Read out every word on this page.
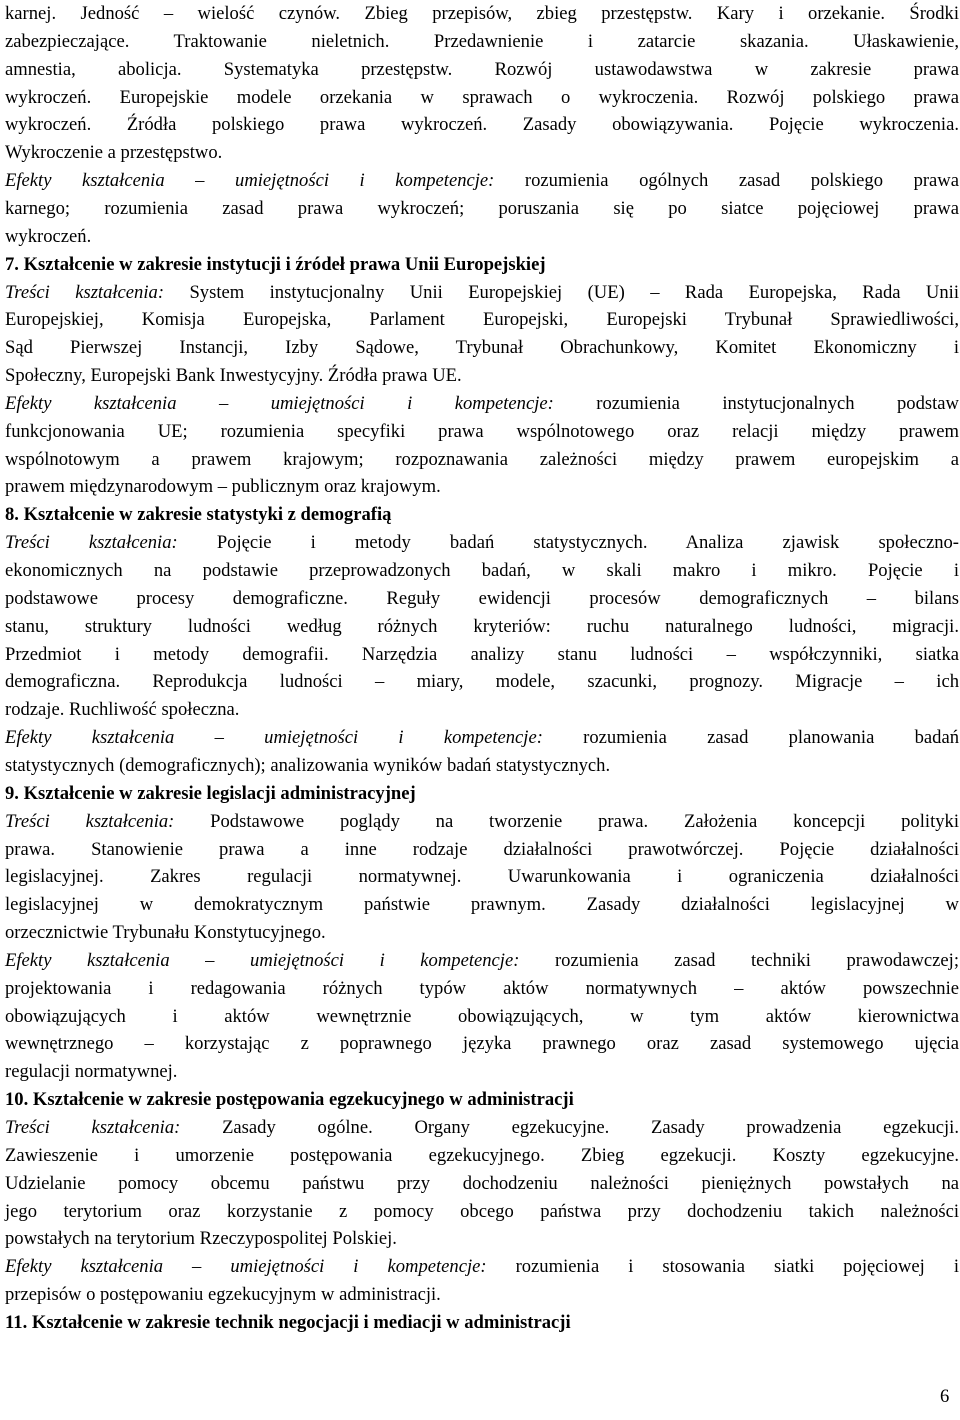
karnej. Jedność – wielość czynów. Zbieg przepisów, zbieg przestępstw. Kary i orzekanie. Środki
zabezpieczające. Traktowanie nieletnich. Przedawnienie i zatarcie skazania. Ułaskawienie,
amnestia, abolicja. Systematyka przestępstw. Rozwój ustawodawstwa w zakresie prawa
wykroczeń. Europejskie modele orzekania w sprawach o wykroczenia. Rozwój polskiego prawa
wykroczeń. Źródła polskiego prawa wykroczeń. Zasady obowiązywania. Pojęcie wykroczenia.
Wykroczenie a przestępstwo.
Efekty kształcenia – umiejętności i kompetencje: rozumienia ogólnych zasad polskiego prawa
karnego; rozumienia zasad prawa wykroczeń; poruszania się po siatce pojęciowej prawa
wykroczeń.
7. Kształcenie w zakresie instytucji i źródeł prawa Unii Europejskiej
Treści kształcenia: System instytucjonalny Unii Europejskiej (UE) – Rada Europejska, Rada Unii
Europejskiej, Komisja Europejska, Parlament Europejski, Europejski Trybunał Sprawiedliwości,
Sąd Pierwszej Instancji, Izby Sądowe, Trybunał Obrachunkowy, Komitet Ekonomiczny i
Społeczny, Europejski Bank Inwestycyjny. Źródła prawa UE.
Efekty kształcenia – umiejętności i kompetencje: rozumienia instytucjonalnych podstaw
funkcjonowania UE; rozumienia specyfiki prawa wspólnotowego oraz relacji między prawem
wspólnotowym a prawem krajowym; rozpoznawania zależności między prawem europejskim a
prawem międzynarodowym – publicznym oraz krajowym.
8. Kształcenie w zakresie statystyki z demografią
Treści kształcenia: Pojęcie i metody badań statystycznych. Analiza zjawisk społeczno-
ekonomicznych na podstawie przeprowadzonych badań, w skali makro i mikro. Pojęcie i
podstawowe procesy demograficzne. Reguły ewidencji procesów demograficznych – bilans
stanu, struktury ludności według różnych kryteriów: ruchu naturalnego ludności, migracji.
Przedmiot i metody demografii. Narzędzia analizy stanu ludności – współczynniki, siatka
demograficzna. Reprodukcja ludności – miary, modele, szacunki, prognozy. Migracje – ich
rodzaje. Ruchliwość społeczna.
Efekty kształcenia – umiejętności i kompetencje: rozumienia zasad planowania badań
statystycznych (demograficznych); analizowania wyników badań statystycznych.
9. Kształcenie w zakresie legislacji administracyjnej
Treści kształcenia: Podstawowe poglądy na tworzenie prawa. Założenia koncepcji polityki
prawa. Stanowienie prawa a inne rodzaje działalności prawotwórczej. Pojęcie działalności
legislacyjnej. Zakres regulacji normatywnej. Uwarunkowania i ograniczenia działalności
legislacyjnej w demokratycznym państwie prawnym. Zasady działalności legislacyjnej w
orzecznictwie Trybunału Konstytucyjnego.
Efekty kształcenia – umiejętności i kompetencje: rozumienia zasad techniki prawodawczej;
projektowania i redagowania różnych typów aktów normatywnych – aktów powszechnie
obowiązujących i aktów wewnętrznie obowiązujących, w tym aktów kierownictwa
wewnętrznego – korzystając z poprawnego języka prawnego oraz zasad systemowego ujęcia
regulacji normatywnej.
10. Kształcenie w zakresie postępowania egzekucyjnego w administracji
Treści kształcenia: Zasady ogólne. Organy egzekucyjne. Zasady prowadzenia egzekucji.
Zawieszenie i umorzenie postępowania egzekucyjnego. Zbieg egzekucji. Koszty egzekucyjne.
Udzielanie pomocy obcemu państwu przy dochodzeniu należności pieniężnych powstałych na
jego terytorium oraz korzystanie z pomocy obcego państwa przy dochodzeniu takich należności
powstałych na terytorium Rzeczypospolitej Polskiej.
Efekty kształcenia – umiejętności i kompetencje: rozumienia i stosowania siatki pojęciowej i
przepisów o postępowaniu egzekucyjnym w administracji.
11. Kształcenie w zakresie technik negocjacji i mediacji w administracji
6
